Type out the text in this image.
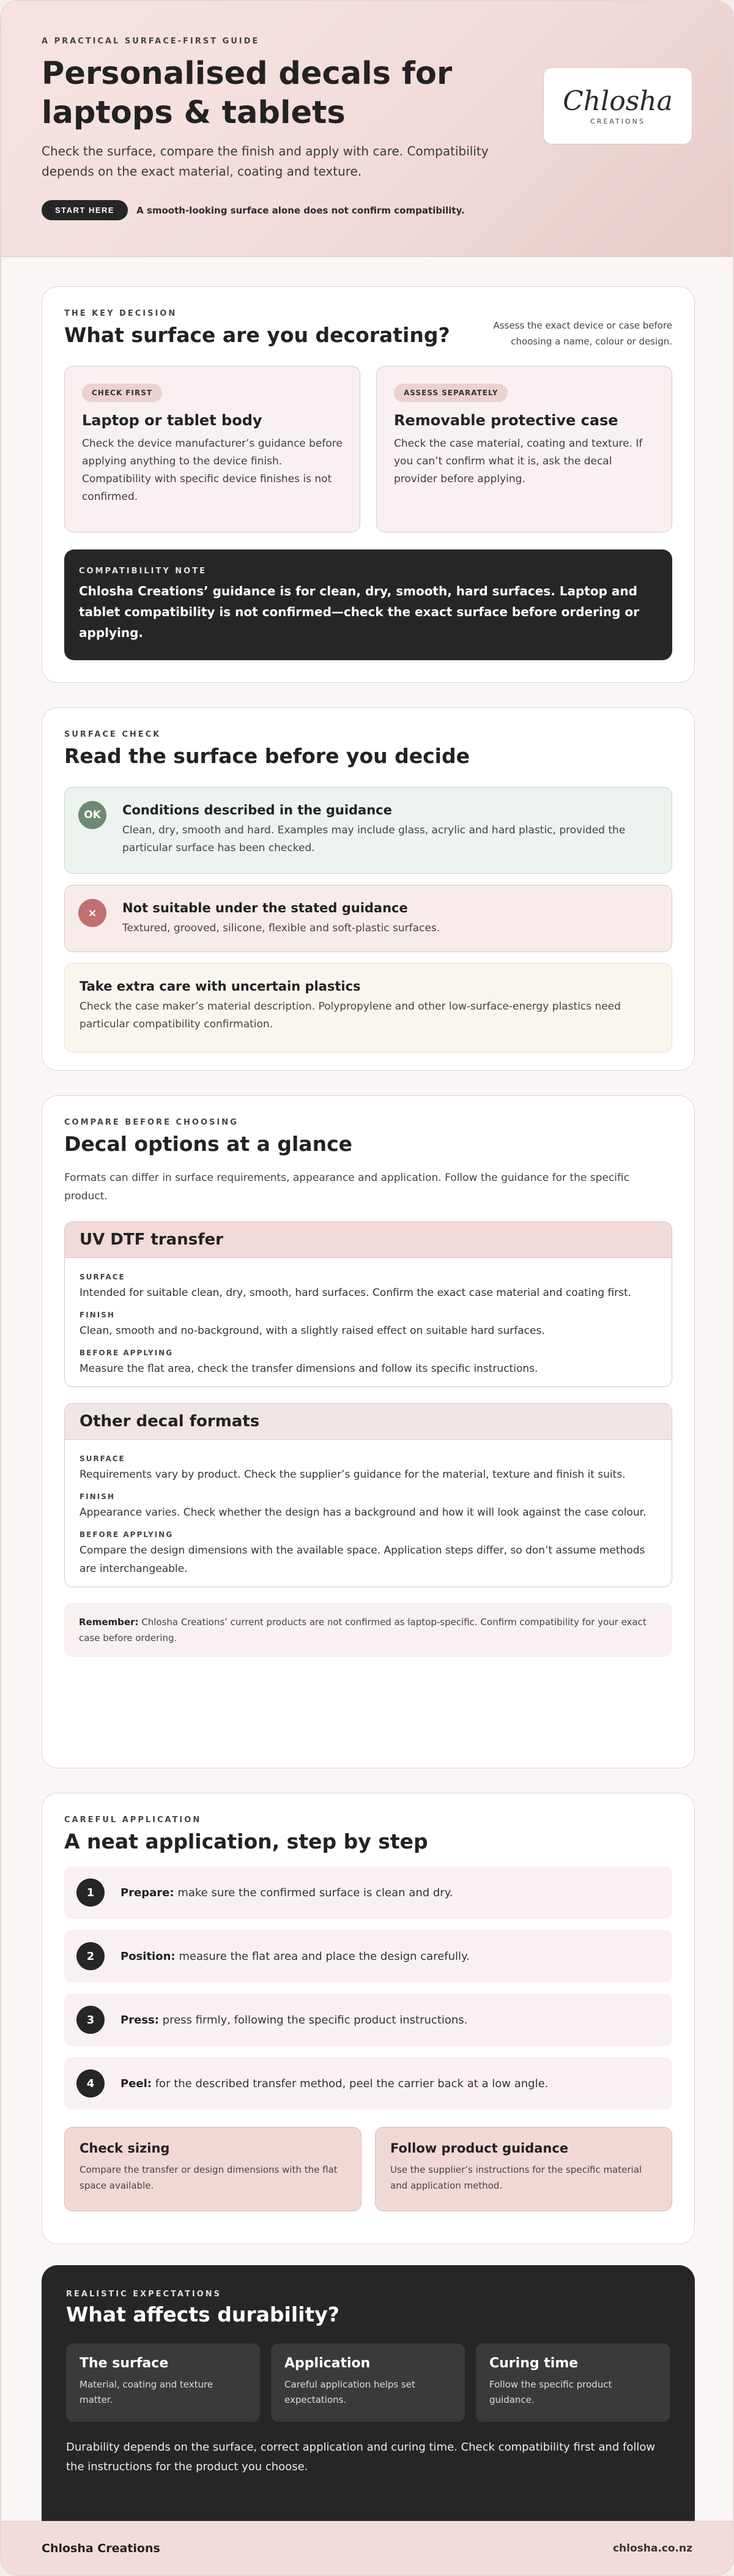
A PRACTICAL SURFACE-FIRST GUIDE
Personalised decals for laptops & tablets

Check the surface, compare the finish and apply with care. Compatibility depends on the exact material, coating and texture.

START HERE	A smooth-looking surface alone does not confirm compatibility.
Chlosha
CREATIONS
THE KEY DECISION
What surface are you decorating?	Assess the exact device or case before choosing a name, colour or design.
CHECK FIRST
Laptop or tablet body

Check the device manufacturer’s guidance before applying anything to the device finish. Compatibility with specific device finishes is not confirmed.

ASSESS SEPARATELY
Removable protective case

Check the case material, coating and texture. If you can’t confirm what it is, ask the decal provider before applying.

COMPATIBILITY NOTE

Chlosha Creations’ guidance is for clean, dry, smooth, hard surfaces. Laptop and tablet compatibility is not confirmed—check the exact surface before ordering or applying.

SURFACE CHECK
Read the surface before you decide
OK	Conditions described in the guidance

Clean, dry, smooth and hard. Examples may include glass, acrylic and hard plastic, provided the particular surface has been checked.

×	Not suitable under the stated guidance

Textured, grooved, silicone, flexible and soft-plastic surfaces.

Take extra care with uncertain plastics

Check the case maker’s material description. Polypropylene and other low-surface-energy plastics need particular compatibility confirmation.

COMPARE BEFORE CHOOSING
Decal options at a glance

Formats can differ in surface requirements, appearance and application. Follow the guidance for the specific product.

UV DTF transfer
SURFACE
Intended for suitable clean, dry, smooth, hard surfaces. Confirm the exact case material and coating first.
FINISH
Clean, smooth and no-background, with a slightly raised effect on suitable hard surfaces.
BEFORE APPLYING
Measure the flat area, check the transfer dimensions and follow its specific instructions.
Other decal formats
SURFACE
Requirements vary by product. Check the supplier’s guidance for the material, texture and finish it suits.
FINISH
Appearance varies. Check whether the design has a background and how it will look against the case colour.
BEFORE APPLYING
Compare the design dimensions with the available space. Application steps differ, so don’t assume methods are interchangeable.
Remember: Chlosha Creations’ current products are not confirmed as laptop-specific. Confirm compatibility for your exact case before ordering.
CAREFUL APPLICATION
A neat application, step by step
1	Prepare: make sure the confirmed surface is clean and dry.
2	Position: measure the flat area and place the design carefully.
3	Press: press firmly, following the specific product instructions.
4	Peel: for the described transfer method, peel the carrier back at a low angle.
Check sizing

Compare the transfer or design dimensions with the flat space available.

Follow product guidance

Use the supplier’s instructions for the specific material and application method.

REALISTIC EXPECTATIONS
What affects durability?
The surface

Material, coating and texture matter.

Application

Careful application helps set expectations.

Curing time

Follow the specific product guidance.

Durability depends on the surface, correct application and curing time. Check compatibility first and follow the instructions for the product you choose.

Chlosha Creations	chlosha.co.nz
